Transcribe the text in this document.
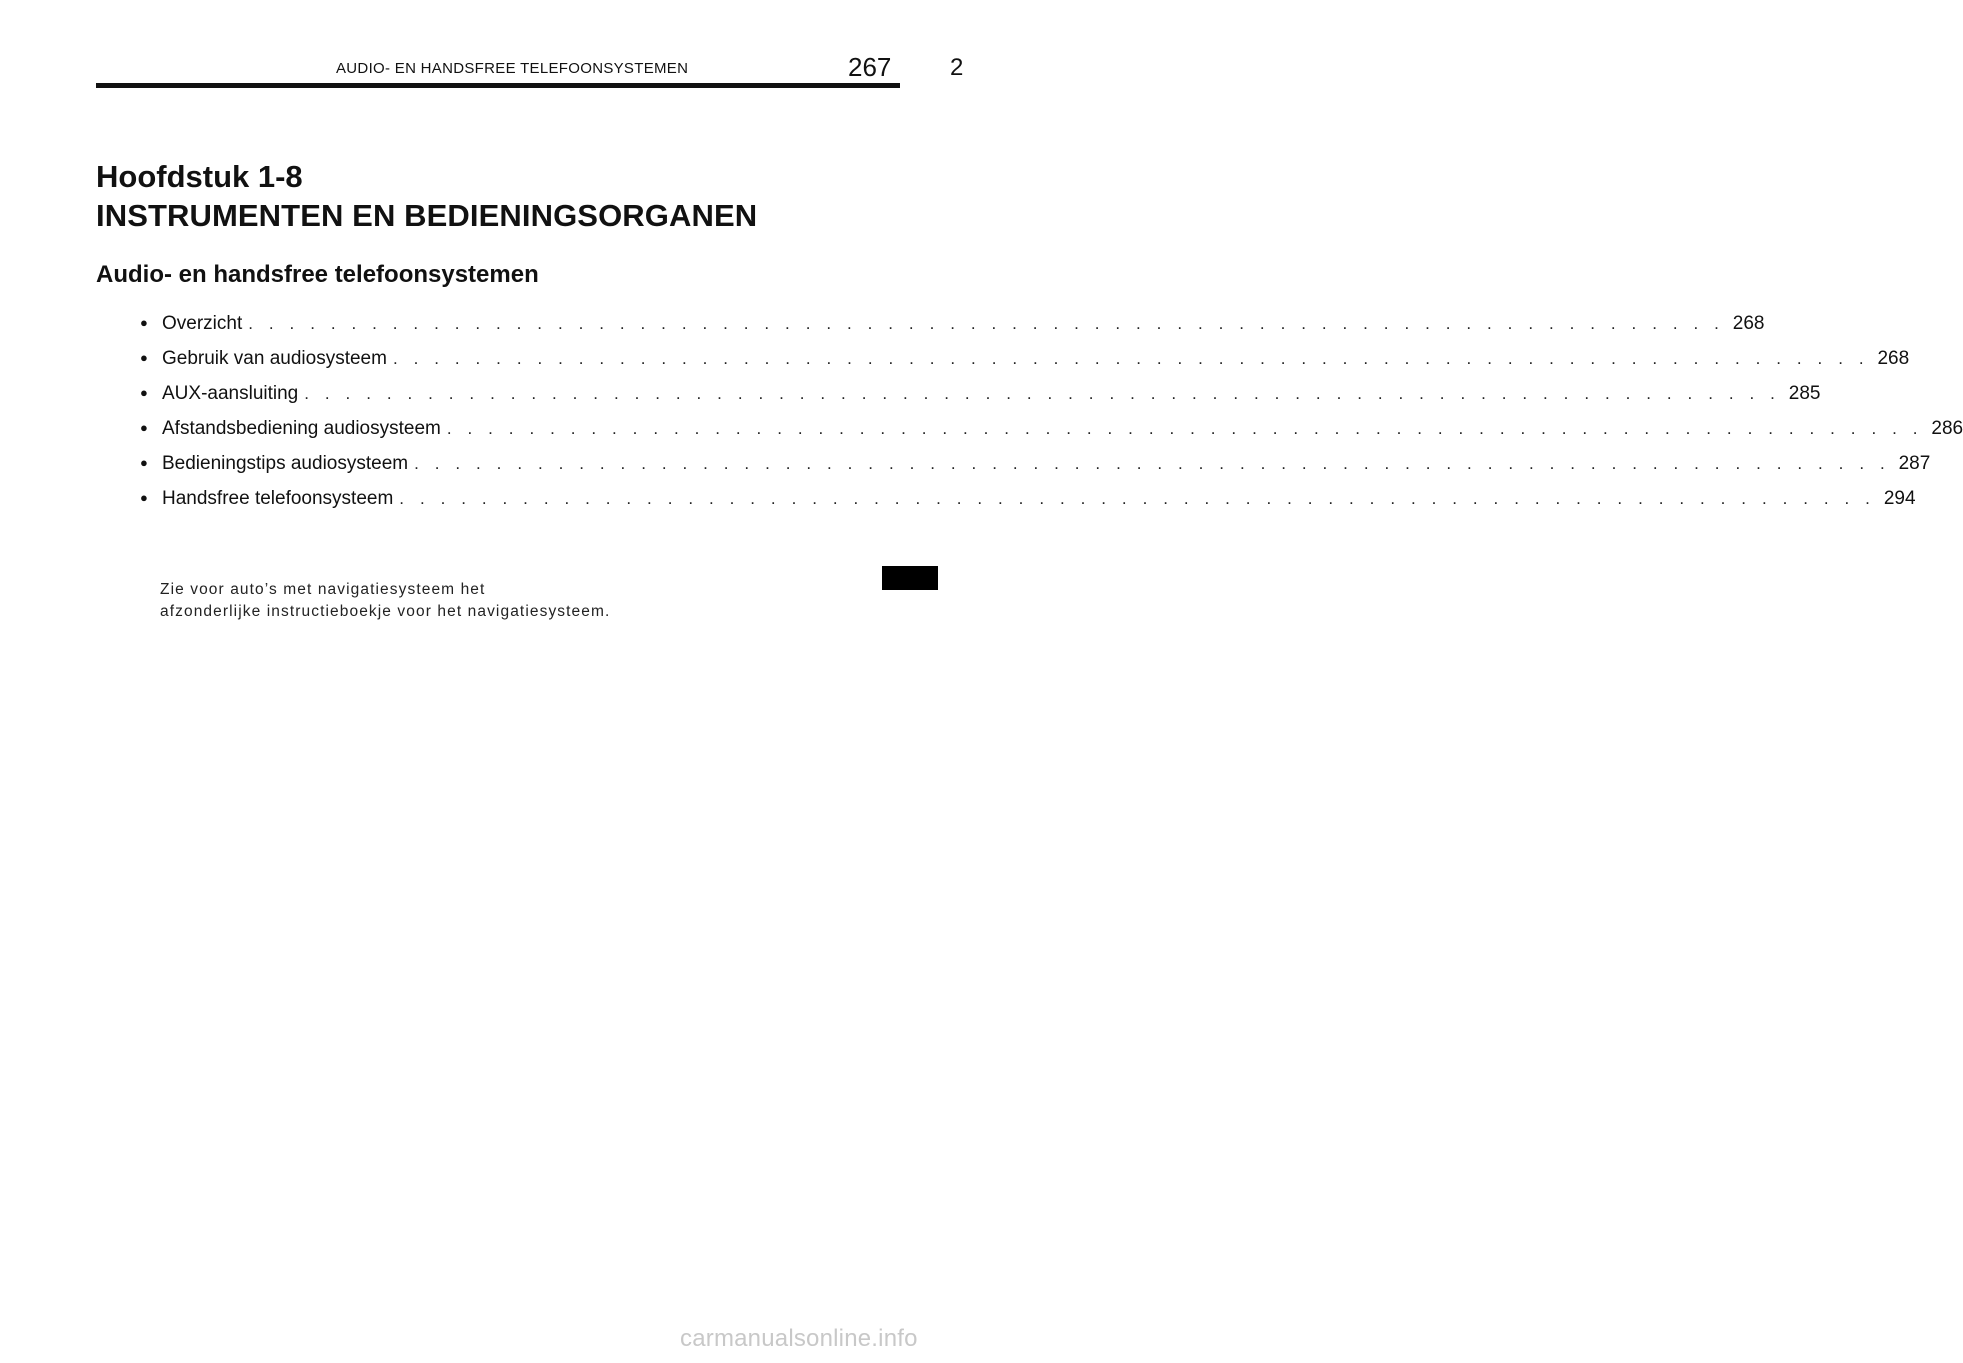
AUDIO- EN HANDSFREE TELEFOONSYSTEMEN	267 2
Hoofdstuk 1-8
INSTRUMENTEN EN BEDIENINGSORGANEN
Audio- en handsfree telefoonsystemen
● Overzicht . . . . . . . . . . . . . . . . . . . . . . . . . . . . . . . . . . . . . . . . . . . . . . . . . . . . . . . . . . . . . . . . . . . . . . . . 268
● Gebruik van audiosysteem . . . . . . . . . . . . . . . . . . . . . . . . . . . . . . . . . . . . . . . . . . . . . . . . . . . . . . . . . . . . . . . . . . . . . . . . 268
● AUX-aansluiting . . . . . . . . . . . . . . . . . . . . . . . . . . . . . . . . . . . . . . . . . . . . . . . . . . . . . . . . . . . . . . . . . . . . . . . . 285
● Afstandsbediening audiosysteem . . . . . . . . . . . . . . . . . . . . . . . . . . . . . . . . . . . . . . . . . . . . . . . . . . . . . . . . . . . . . . . . . . . . . . . . 286
● Bedieningstips audiosysteem . . . . . . . . . . . . . . . . . . . . . . . . . . . . . . . . . . . . . . . . . . . . . . . . . . . . . . . . . . . . . . . . . . . . . . . . 287
● Handsfree telefoonsysteem . . . . . . . . . . . . . . . . . . . . . . . . . . . . . . . . . . . . . . . . . . . . . . . . . . . . . . . . . . . . . . . . . . . . . . . . 294

Zie voor auto’s met navigatiesysteem het

afzonderlijke instructieboekje voor het navigatiesysteem.

carmanualsonline.info
